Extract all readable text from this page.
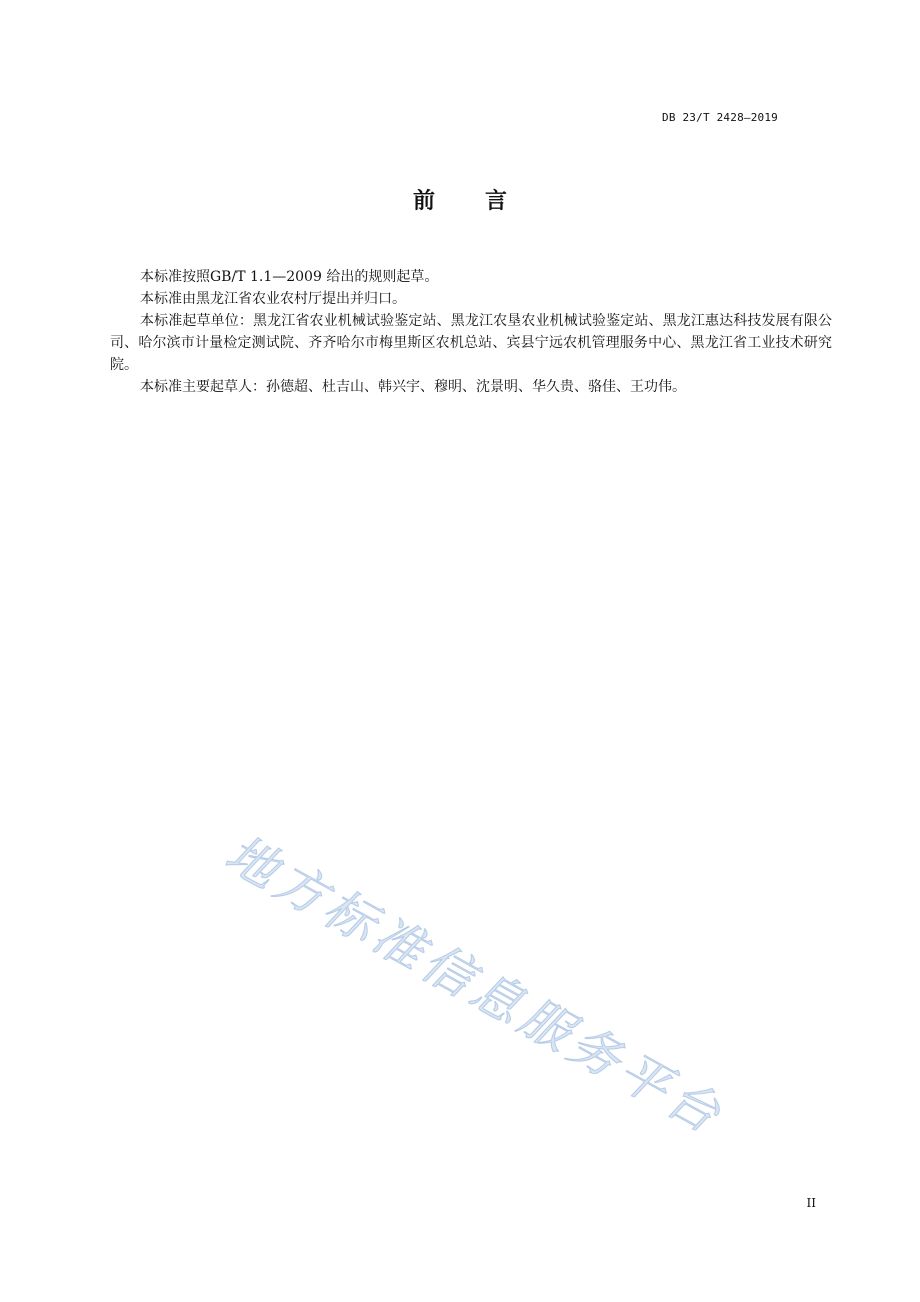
DB 23/T 2428—2019
前 言

本标准按照GB/T 1.1—2009 给出的规则起草。

本标准由黑龙江省农业农村厅提出并归口。

本标准起草单位：黑龙江省农业机械试验鉴定站、黑龙江农垦农业机械试验鉴定站、黑龙江惠达科技发展有限公司、哈尔滨市计量检定测试院、齐齐哈尔市梅里斯区农机总站、宾县宁远农机管理服务中心、黑龙江省工业技术研究院。

本标准主要起草人：孙德超、杜吉山、韩兴宇、穆明、沈景明、华久贵、骆佳、王功伟。

地方标准信息服务平台
II
